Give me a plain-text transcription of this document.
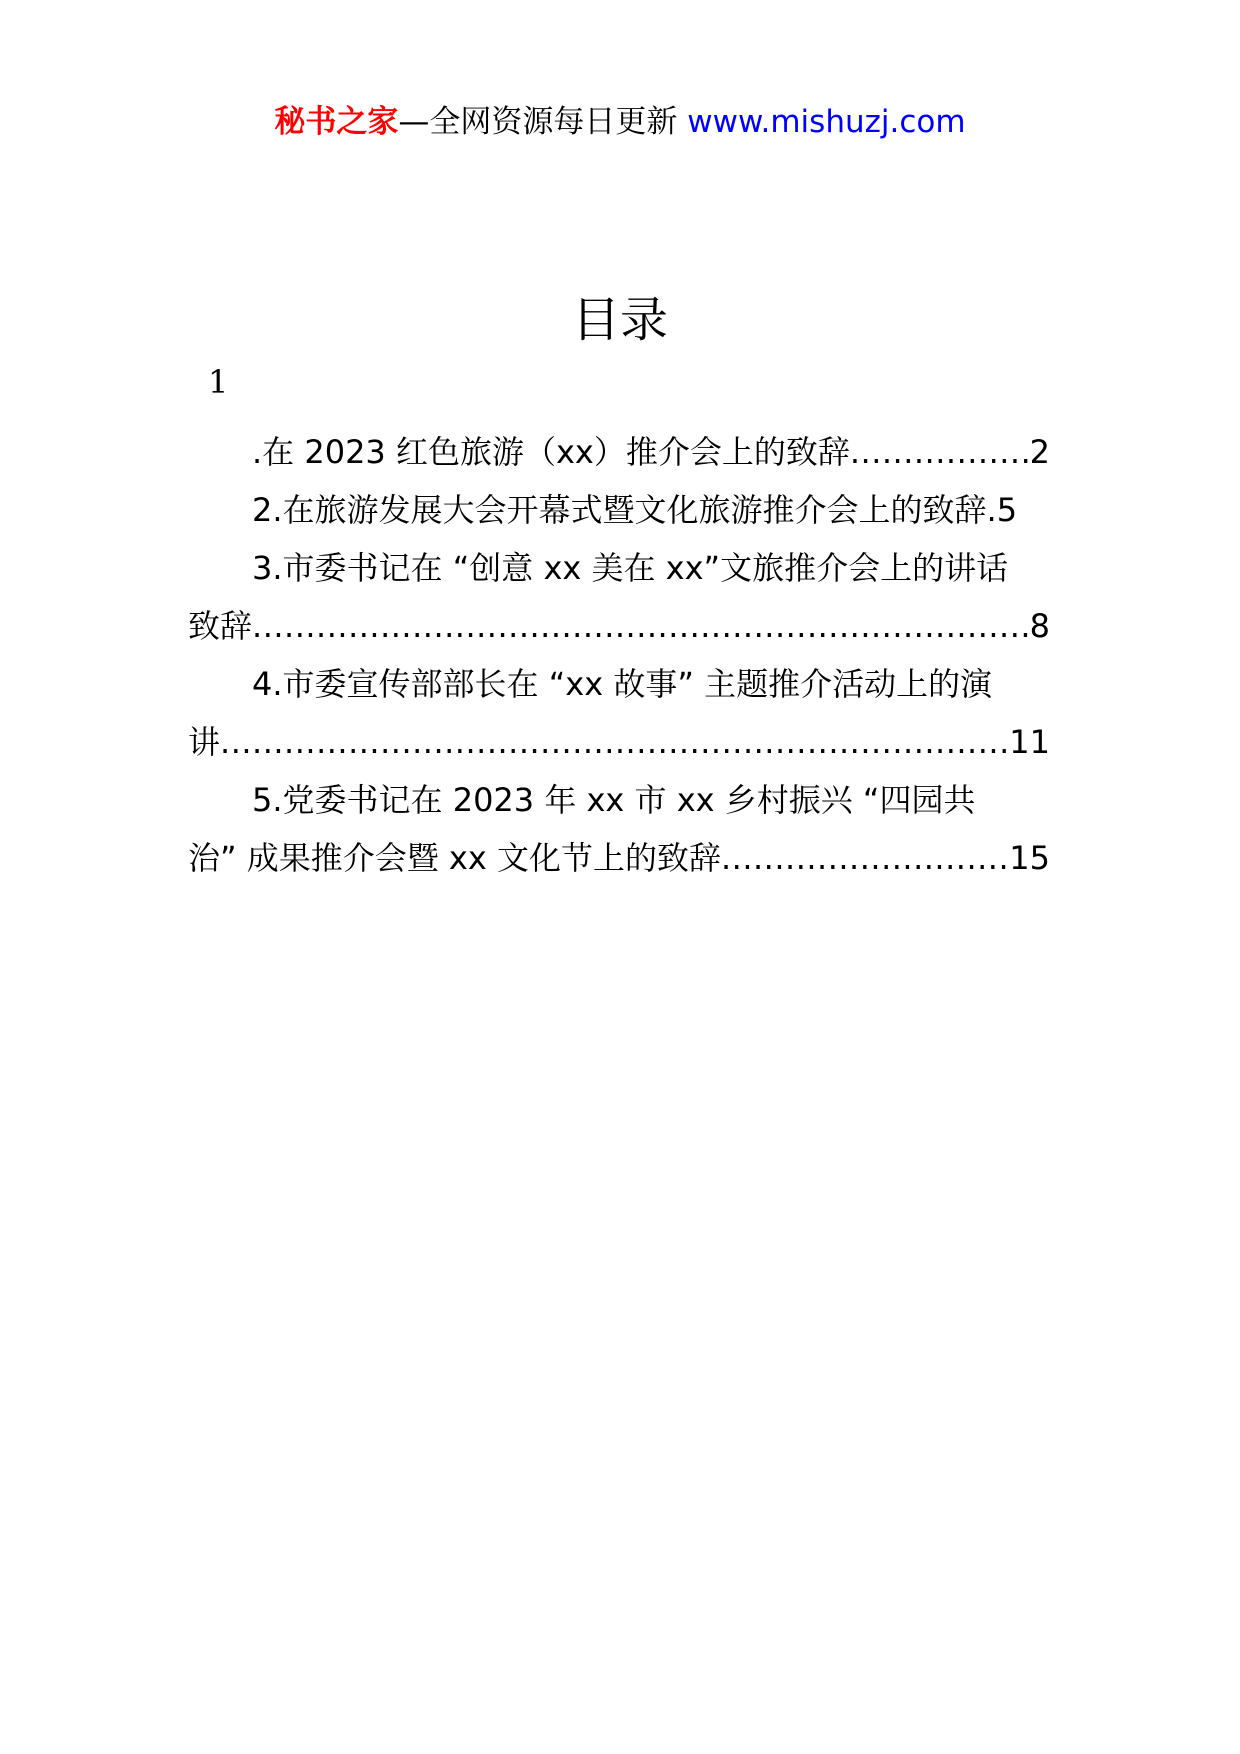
秘书之家—全网资源每日更新 www.mishuzj.com
目录
1
.在 2023 红色旅游（xx）推介会上的致辞 .....	2
2.在旅游发展大会开幕式暨文化旅游推介会上的致辞 .5
3.市委书记在 “创意 xx 美在 xx”文旅推介会上的讲话
致辞 .....	8
4.市委宣传部部长在 “xx 故事” 主题推介活动上的演
讲 .....	11
5.党委书记在 2023 年 xx 市 xx 乡村振兴 “四园共
治” 成果推介会暨 xx 文化节上的致辞 .....	15
